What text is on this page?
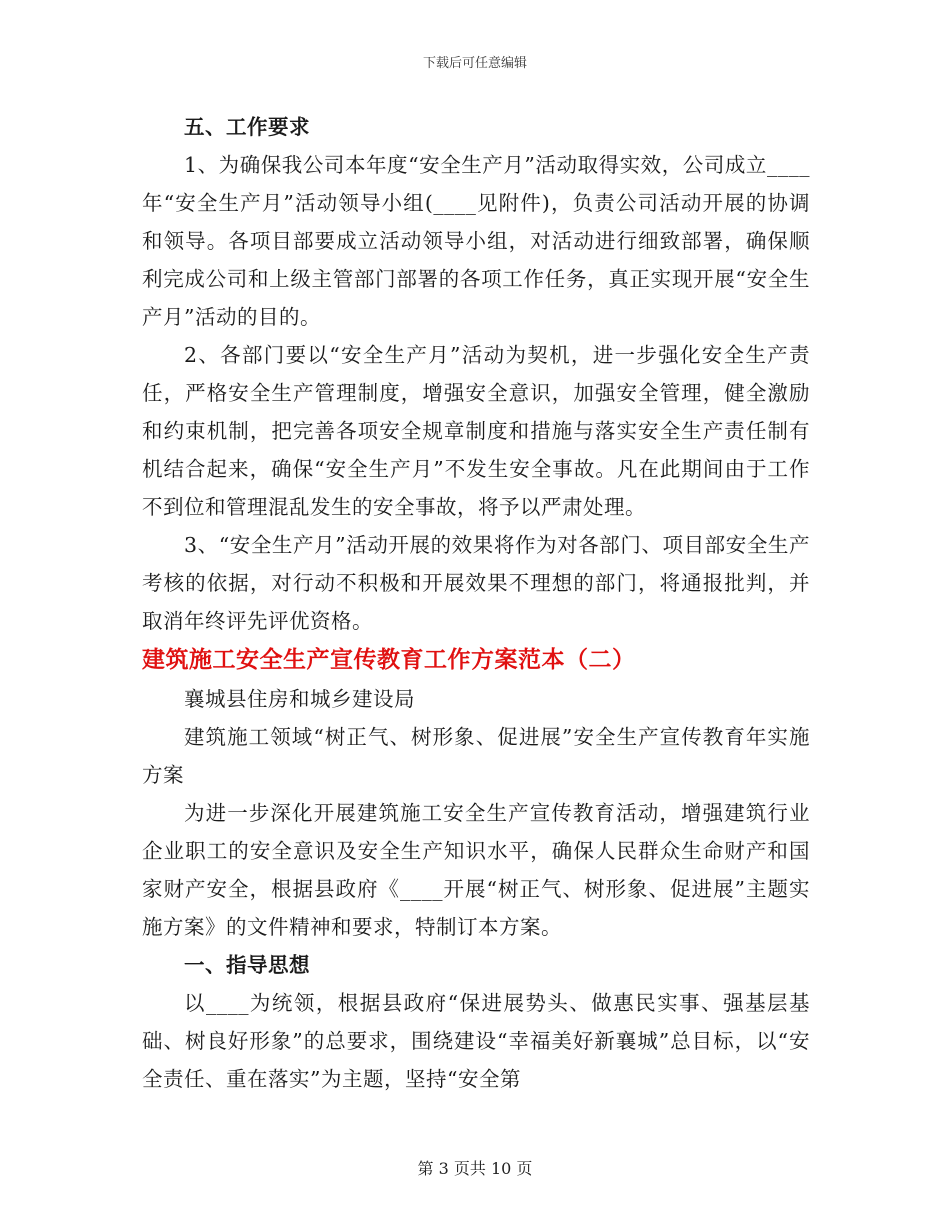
下载后可任意编辑

五、工作要求

1、为确保我公司本年度“安全生产月”活动取得实效，公司成立____年“安全生产月”活动领导小组(____见附件)，负责公司活动开展的协调和领导。各项目部要成立活动领导小组，对活动进行细致部署，确保顺利完成公司和上级主管部门部署的各项工作任务，真正实现开展“安全生产月”活动的目的。

2、各部门要以“安全生产月”活动为契机，进一步强化安全生产责任，严格安全生产管理制度，增强安全意识，加强安全管理，健全激励和约束机制，把完善各项安全规章制度和措施与落实安全生产责任制有机结合起来，确保“安全生产月”不发生安全事故。凡在此期间由于工作不到位和管理混乱发生的安全事故，将予以严肃处理。

3、“安全生产月”活动开展的效果将作为对各部门、项目部安全生产考核的依据，对行动不积极和开展效果不理想的部门，将通报批判，并取消年终评先评优资格。

建筑施工安全生产宣传教育工作方案范本（二）

襄城县住房和城乡建设局

建筑施工领域“树正气、树形象、促进展”安全生产宣传教育年实施方案

为进一步深化开展建筑施工安全生产宣传教育活动，增强建筑行业企业职工的安全意识及安全生产知识水平，确保人民群众生命财产和国家财产安全，根据县政府《____开展“树正气、树形象、促进展”主题实施方案》的文件精神和要求，特制订本方案。

一、指导思想

以____为统领，根据县政府“保进展势头、做惠民实事、强基层基础、树良好形象”的总要求，围绕建设“幸福美好新襄城”总目标，以“安全责任、重在落实”为主题，坚持“安全第

第 3 页共 10 页
